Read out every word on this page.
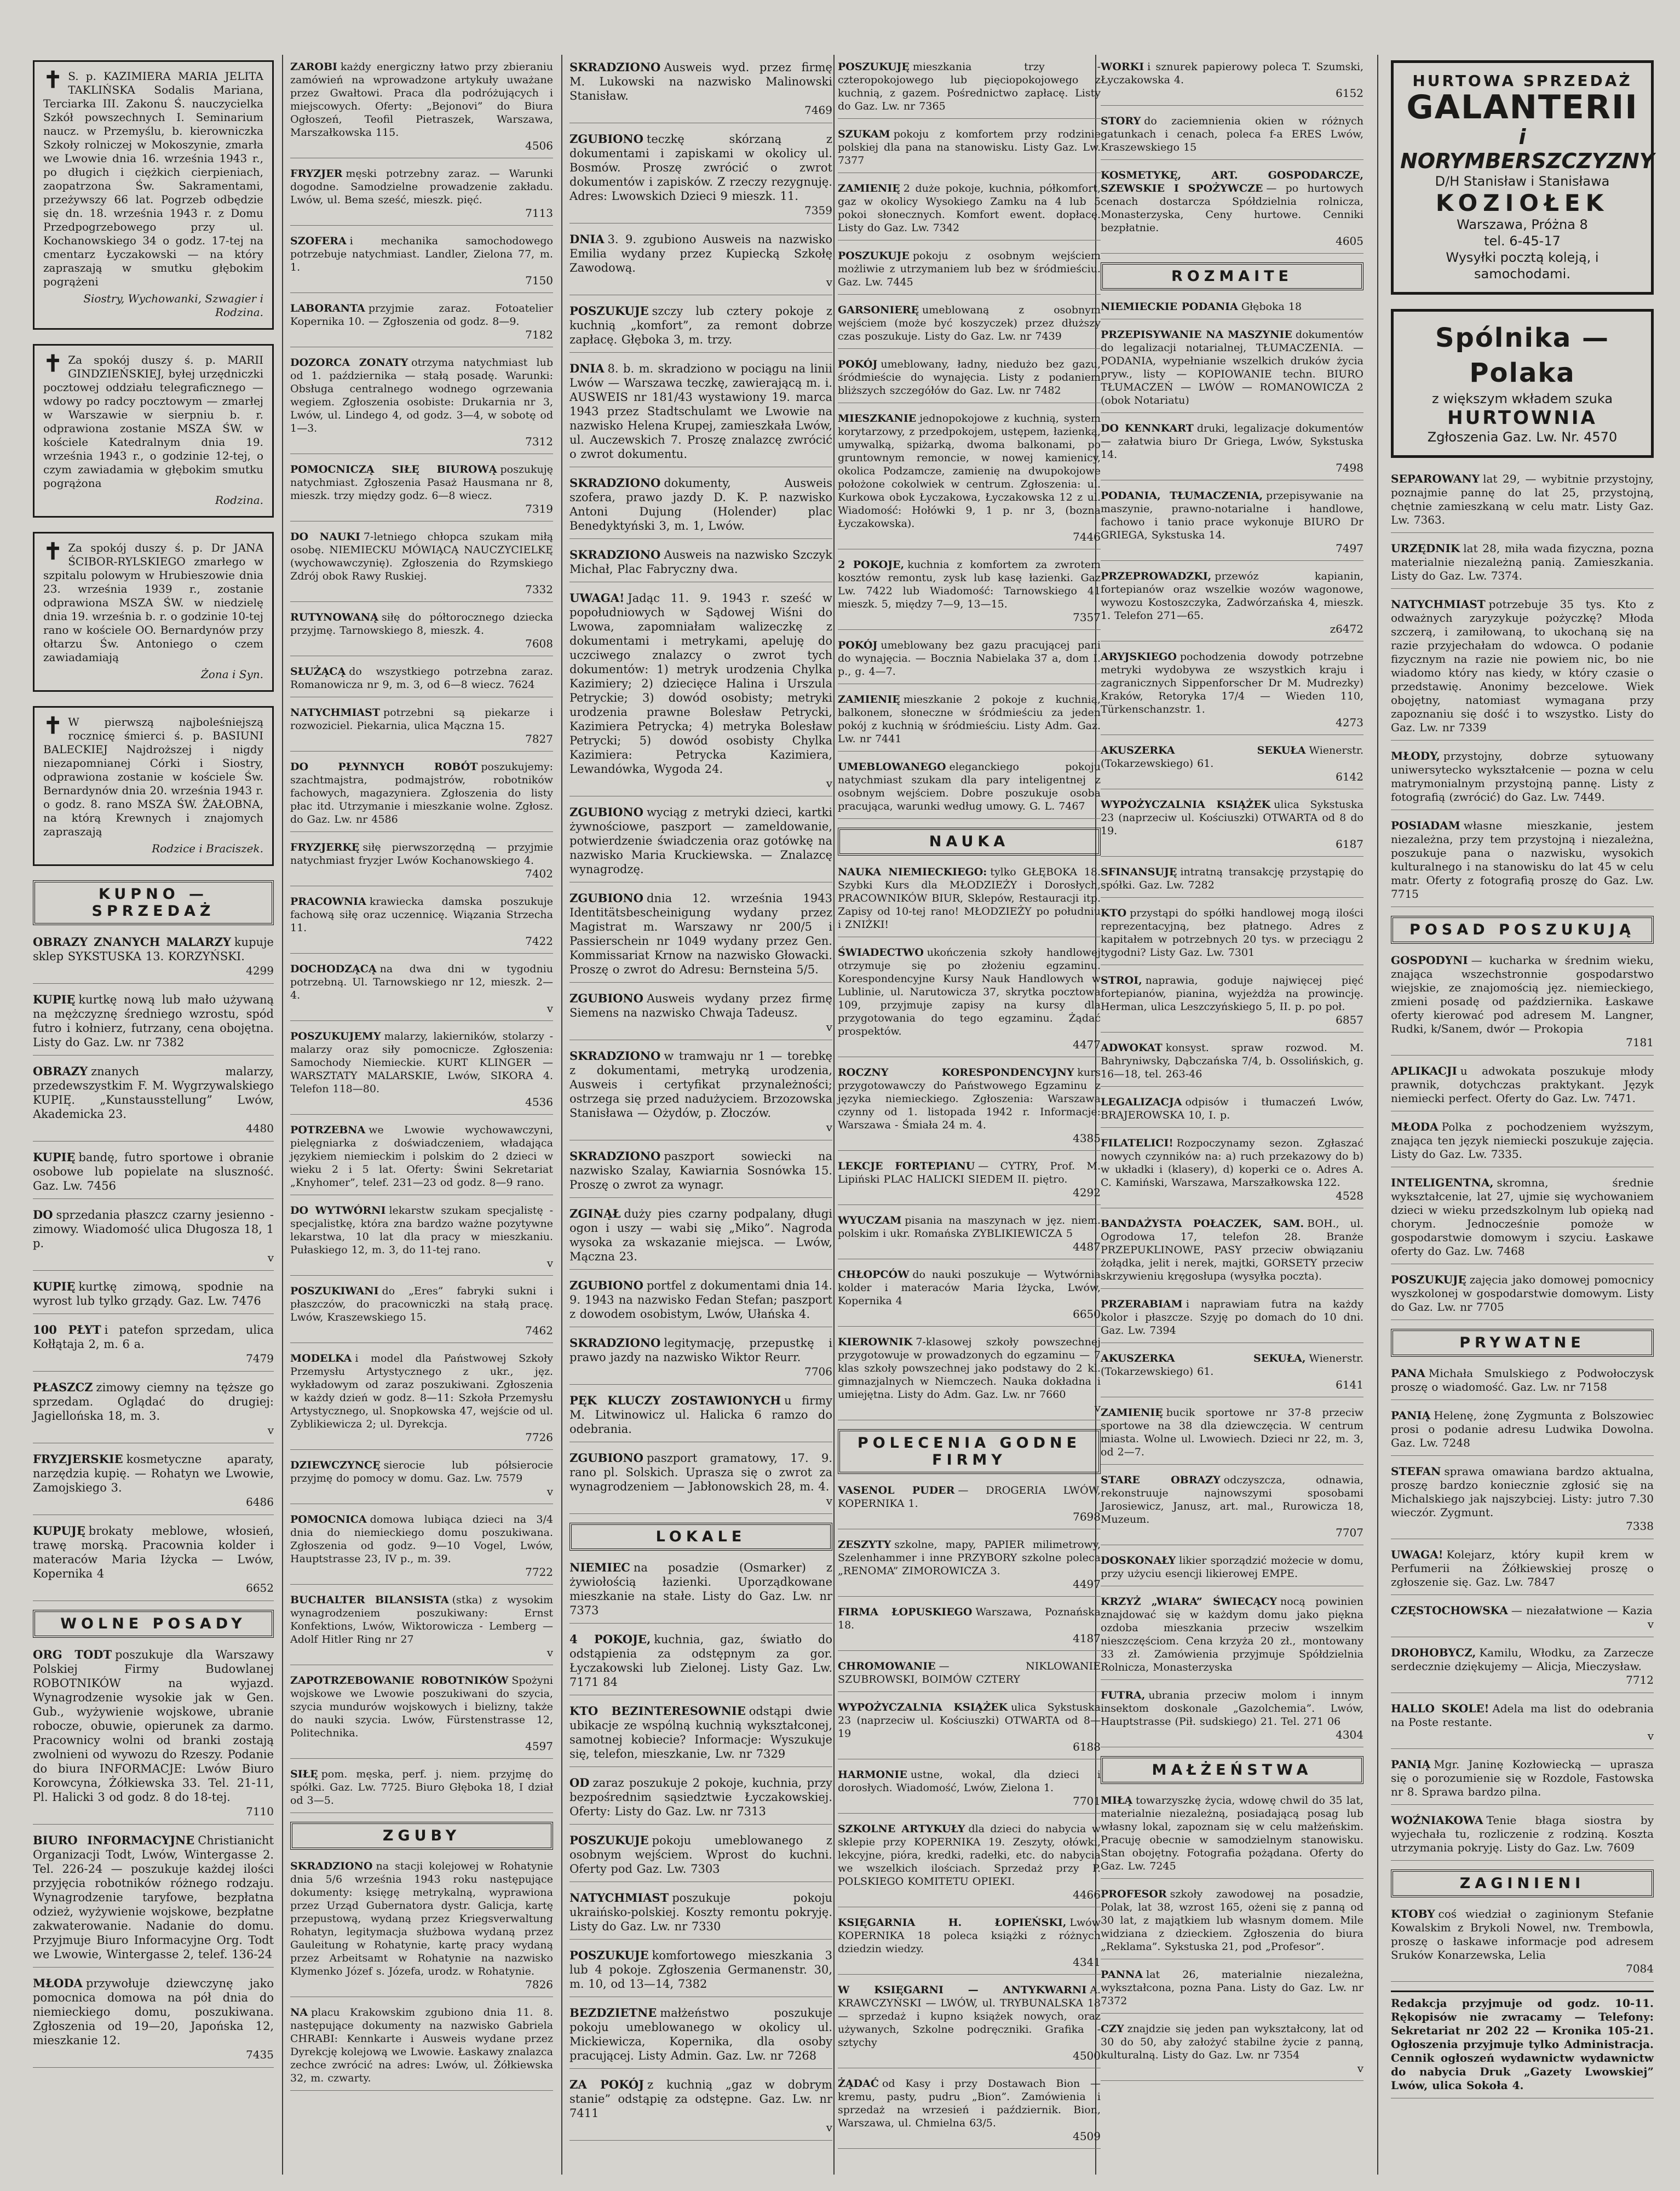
✝ S. p. KAZIMIERA MARIA JELITA TAKLIŃSKA Sodalis Mariana, Terciarka III. Zakonu Ś. nauczycielka Szkół powszechnych I. Seminarium naucz. w Przemyślu, b. kierowniczka Szkoły rolniczej w Mokoszynie, zmarła we Lwowie dnia 16. września 1943 r., po długich i ciężkich cierpieniach, zaopatrzona Św. Sakramentami, przeżywszy 66 lat. Pogrzeb odbędzie się dn. 18. września 1943 r. z Domu Przedpogrzebowego przy ul. Kochanowskiego 34 o godz. 17-tej na cmentarz Łyczakowski — na który zapraszają w smutku głębokim pogrążeni
Siostry, Wychowanki, Szwagier i Rodzina.
✝ Za spokój duszy ś. p. MARII GINDZIEŃSKIEJ, byłej urzędniczki pocztowej oddziału telegraficznego — wdowy po radcy pocztowym — zmarłej w Warszawie w sierpniu b. r. odprawiona zostanie MSZA ŚW. w kościele Katedralnym dnia 19. września 1943 r., o godzinie 12-tej, o czym zawiadamia w głębokim smutku pogrążona
Rodzina.
✝ Za spokój duszy ś. p. Dr JANA ŚCIBOR-RYLSKIEGO zmarłego w szpitalu polowym w Hrubieszowie dnia 23. września 1939 r., zostanie odprawiona MSZA ŚW. w niedzielę dnia 19. września b. r. o godzinie 10-tej rano w kościele OO. Bernardynów przy ołtarzu Św. Antoniego o czem zawiadamiają
Żona i Syn.
✝ W pierwszą najboleśniejszą rocznicę śmierci ś. p. BASIUNI BALECKIEJ Najdroższej i nigdy niezapomnianej Córki i Siostry, odprawiona zostanie w kościele Św. Bernardynów dnia 20. września 1943 r. o godz. 8. rano MSZA ŚW. ŻAŁOBNA, na którą Krewnych i znajomych zapraszają
Rodzice i Braciszek.
KUPNO — SPRZEDAŻ
OBRAZY ZNANYCH MALARZY kupuje sklep SYKSTUSKA 13. KORZYŃSKI.
4299
KUPIĘ kurtkę nową lub mało używaną na mężczyznę średniego wzrostu, spód futro i kołnierz, futrzany, cena obojętna. Listy do Gaz. Lw. nr 7382
OBRAZY znanych malarzy, przedewszystkim F. M. Wygrzywalskiego KUPIĘ. „Kunstausstellung” Lwów, Akademicka 23.
4480
KUPIĘ bandę, futro sportowe i obranie osobowe lub popielate na sluszność. Gaz. Lw. 7456
DO sprzedania płaszcz czarny jesienno - zimowy. Wiadomość ulica Długosza 18, 1 p.
v
KUPIĘ kurtkę zimową, spodnie na wyrost lub tylko grządy. Gaz. Lw. 7476
100 PŁYT i patefon sprzedam, ulica Kołłątaja 2, m. 6 a.
7479
PŁASZCZ zimowy ciemny na tęższe go sprzedam. Oglądać do drugiej: Jagiellońska 18, m. 3.
v
FRYZJERSKIE kosmetyczne aparaty, narzędzia kupię. — Rohatyn we Lwowie, Zamojskiego 3.
6486
KUPUJĘ brokaty meblowe, włosień, trawę morską. Pracownia kolder i materaców Maria Iżycka — Lwów, Kopernika 4
6652
WOLNE POSADY
ORG TODT poszukuje dla Warszawy Polskiej Firmy Budowlanej ROBOTNIKÓW na wyjazd. Wynagrodzenie wysokie jak w Gen. Gub., wyżywienie wojskowe, ubranie robocze, obuwie, opierunek za darmo. Pracownicy wolni od branki zostają zwolnieni od wywozu do Rzeszy. Podanie do biura INFORMACJE: Lwów Biuro Korowcyna, Żółkiewska 33. Tel. 21-11, Pl. Halicki 3 od godz. 8 do 18-tej.
7110
BIURO INFORMACYJNE Christianicht Organizacji Todt, Lwów, Wintergasse 2. Tel. 226-24 — poszukuje każdej ilości przyjęcia robotników różnego rodzaju. Wynagrodzenie taryfowe, bezpłatna odzież, wyżywienie wojskowe, bezpłatne zakwaterowanie. Nadanie do domu. Przyjmuje Biuro Informacyjne Org. Todt we Lwowie, Wintergasse 2, telef. 136-24
MŁODA przywołuje dziewczynę jako pomocnica domowa na pół dnia do niemieckiego domu, poszukiwana. Zgłoszenia od 19—20, Japońska 12, mieszkanie 12.
7435
ZAROBI każdy energiczny łatwo przy zbieraniu zamówień na wprowadzone artykuły uważane przez Gwałtowi. Praca dla podróżujących i miejscowych. Oferty: „Bejonovi” do Biura Ogłoszeń, Teofil Pietraszek, Warszawa, Marszałkowska 115.
4506
FRYZJER męski potrzebny zaraz. — Warunki dogodne. Samodzielne prowadzenie zakładu. Lwów, ul. Bema sześć, mieszk. pięć.
7113
SZOFERA i mechanika samochodowego potrzebuje natychmiast. Landler, Zielona 77, m. 1.
7150
LABORANTA przyjmie zaraz. Fotoatelier Kopernika 10. — Zgłoszenia od godz. 8—9.
7182
DOZORCA ZONATY otrzyma natychmiast lub od 1. października — stałą posadę. Warunki: Obsługa centralnego wodnego ogrzewania wegiem. Zgłoszenia osobiste: Drukarnia nr 3, Lwów, ul. Lindego 4, od godz. 3—4, w sobotę od 1—3.
7312
POMOCNICZĄ SIŁĘ BIUROWĄ poszukuję natychmiast. Zgłoszenia Pasaż Hausmana nr 8, mieszk. trzy między godz. 6—8 wiecz.
7319
DO NAUKI 7-letniego chłopca szukam miłą osobę. NIEMIECKU MÓWIĄCĄ NAUCZYCIELKĘ (wychowawczynię). Zgłoszenia do Rzymskiego Zdrój obok Rawy Ruskiej.
7332
RUTYNOWANĄ siłę do półtorocznego dziecka przyjmę. Tarnowskiego 8, mieszk. 4.
7608
SŁUŻĄCĄ do wszystkiego potrzebna zaraz. Romanowicza nr 9, m. 3, od 6—8 wiecz. 7624
NATYCHMIAST potrzebni są piekarze i rozwoziciel. Piekarnia, ulica Mączna 15.
7827
DO PŁYNNYCH ROBÓT poszukujemy: szachtmajstra, podmajstrów, robotników fachowych, magazyniera. Zgłoszenia do listy płac itd. Utrzymanie i mieszkanie wolne. Zgłosz. do Gaz. Lw. nr 4586
FRYZJERKĘ siłę pierwszorzędną — przyjmie natychmiast fryzjer Lwów Kochanowskiego 4.
7402
PRACOWNIA krawiecka damska poszukuje fachową siłę oraz uczennicę. Wiązania Strzecha 11.
7422
DOCHODZĄCĄ na dwa dni w tygodniu potrzebną. Ul. Tarnowskiego nr 12, mieszk. 2—4.
v
POSZUKUJEMY malarzy, lakierników, stolarzy - malarzy oraz siły pomocnicze. Zgłoszenia: Samochody Niemieckie. KURT KLINGER — WARSZTATY MALARSKIE, Lwów, SIKORA 4. Telefon 118—80.
4536
POTRZEBNA we Lwowie wychowawczyni, pielęgniarka z doświadczeniem, władająca językiem niemieckim i polskim do 2 dzieci w wieku 2 i 5 lat. Oferty: Świni Sekretariat „Knyhomer”, telef. 231—23 od godz. 8—9 rano.
DO WYTWÓRNI lekarstw szukam specjalistę - specjalistkę, która zna bardzo ważne pozytywne lekarstwa, 10 lat dla pracy w mieszkaniu. Pułaskiego 12, m. 3, do 11-tej rano.
v
POSZUKIWANI do „Eres” fabryki sukni i płaszczów, do pracowniczki na stałą pracę. Lwów, Kraszewskiego 15.
7462
MODELKA i model dla Państwowej Szkoły Przemysłu Artystycznego z ukr., jęz. wykładowym od zaraz poszukiwani. Zgłoszenia w każdy dzień w godz. 8—11: Szkoła Przemysłu Artystycznego, ul. Snopkowska 47, wejście od ul. Zyblikiewicza 2; ul. Dyrekcja.
7726
DZIEWCZYNCĘ sierocie lub półsierocie przyjmę do pomocy w domu. Gaz. Lw. 7579
v
POMOCNICA domowa lubiąca dzieci na 3/4 dnia do niemieckiego domu poszukiwana. Zgłoszenia od godz. 9—10 Vogel, Lwów, Hauptstrasse 23, IV p., m. 39.
7722
BUCHALTER BILANSISTA (stka) z wysokim wynagrodzeniem poszukiwany: Ernst Konfektions, Lwów, Wiktorowicza - Lemberg — Adolf Hitler Ring nr 27
v
ZAPOTRZEBOWANIE ROBOTNIKÓW Spożyni wojskowe we Lwowie poszukiwani do szycia, szycia mundurów wojskowych i bielizny, także do nauki szycia. Lwów, Fürstenstrasse 12, Politechnika.
4597
SIŁĘ pom. męska, perf. j. niem. przyjmę do spółki. Gaz. Lw. 7725. Biuro Głęboka 18, I dział od 3—5.
ZGUBY
SKRADZIONO na stacji kolejowej w Rohatynie dnia 5/6 września 1943 roku następujące dokumenty: księgę metrykalną, wyprawiona przez Urząd Gubernatora dystr. Galicja, kartę przepustową, wydaną przez Kriegsverwaltung Rohatyn, legitymacja służbowa wydaną przez Gauleitung w Rohatynie, kartę pracy wydaną przez Arbeitsamt w Rohatynie na nazwisko Klymenko Józef s. Józefa, urodz. w Rohatynie.
7826
NA placu Krakowskim zgubiono dnia 11. 8. następujące dokumenty na nazwisko Gabriela CHRABI: Kennkarte i Ausweis wydane przez Dyrekcję kolejową we Lwowie. Łaskawy znalazca zechce zwrócić na adres: Lwów, ul. Żółkiewska 32, m. czwarty.
SKRADZIONO Ausweis wyd. przez firmę M. Lukowski na nazwisko Malinowski Stanisław.
7469
ZGUBIONO teczkę skórzaną z dokumentami i zapiskami w okolicy ul. Bosmów. Proszę zwrócić o zwrot dokumentów i zapisków. Z rzeczy rezygnuję. Adres: Lwowskich Dzieci 9 mieszk. 11.
7359
DNIA 3. 9. zgubiono Ausweis na nazwisko Emilia wydany przez Kupiecką Szkołę Zawodową.
v
POSZUKUJE szczy lub cztery pokoje z kuchnią „komfort”, za remont dobrze zapłacę. Głęboka 3, m. trzy.
DNIA 8. b. m. skradziono w pociągu na linii Lwów — Warszawa teczkę, zawierającą m. i. AUSWEIS nr 181/43 wystawiony 19. marca 1943 przez Stadtschulamt we Lwowie na nazwisko Helena Krupej, zamieszkała Lwów, ul. Auczewskich 7. Proszę znalazcę zwrócić o zwrot dokumentu.
SKRADZIONO dokumenty, Ausweis szofera, prawo jazdy D. K. P. nazwisko Antoni Dujung (Holender) plac Benedyktyński 3, m. 1, Lwów.
SKRADZIONO Ausweis na nazwisko Szczyk Michał, Plac Fabryczny dwa.
UWAGA! Jadąc 11. 9. 1943 r. sześć w popołudniowych w Sądowej Wiśni do Lwowa, zapomniałam walizeczkę z dokumentami i metrykami, apeluję do uczciwego znalazcy o zwrot tych dokumentów: 1) metryk urodzenia Chylka Kazimiery; 2) dziecięce Halina i Urszula Petryckie; 3) dowód osobisty; metryki urodzenia prawne Bolesław Petrycki, Kazimiera Petrycka; 4) metryka Bolesław Petrycki; 5) dowód osobisty Chylka Kazimiera: Petrycka Kazimiera, Lewandówka, Wygoda 24.
v
ZGUBIONO wyciąg z metryki dzieci, kartki żywnościowe, paszport — zameldowanie, potwierdzenie świadczenia oraz gotówkę na nazwisko Maria Kruckiewska. — Znalazcę wynagrodzę.
ZGUBIONO dnia 12. września 1943 Identitätsbescheinigung wydany przez Magistrat m. Warszawy nr 200/5 i Passierschein nr 1049 wydany przez Gen. Kommissariat Krnow na nazwisko Głowacki. Proszę o zwrot do Adresu: Bernsteina 5/5.
ZGUBIONO Ausweis wydany przez firmę Siemens na nazwisko Chwaja Tadeusz.
v
SKRADZIONO w tramwaju nr 1 — torebkę z dokumentami, metryką urodzenia, Ausweis i certyfikat przynależności; ostrzega się przed nadużyciem. Brzozowska Stanisława — Ożydów, p. Złoczów.
v
SKRADZIONO paszport sowiecki na nazwisko Szalay, Kawiarnia Sosnówka 15. Proszę o zwrot za wynagr.
ZGINĄŁ duży pies czarny podpalany, długi ogon i uszy — wabi się „Miko”. Nagroda wysoka za wskazanie miejsca. — Lwów, Mączna 23.
ZGUBIONO portfel z dokumentami dnia 14. 9. 1943 na nazwisko Fedan Stefan; paszport z dowodem osobistym, Lwów, Ułańska 4.
SKRADZIONO legitymację, przepustkę i prawo jazdy na nazwisko Wiktor Reurr.
7706
PĘK KLUCZY ZOSTAWIONYCH u firmy M. Litwinowicz ul. Halicka 6 ramzo do odebrania.
ZGUBIONO paszport gramatowy, 17. 9. rano pl. Solskich. Uprasza się o zwrot za wynagrodzeniem — Jabłonowskich 28, m. 4.
v
LOKALE
NIEMIEC na posadzie (Osmarker) z żywiołością łazienki. Uporządkowane mieszkanie na stałe. Listy do Gaz. Lw. nr 7373
4 POKOJE, kuchnia, gaz, światło do odstąpienia za odstępnym za gor. Łyczakowski lub Zielonej. Listy Gaz. Lw. 7171 84
KTO BEZINTERESOWNIE odstąpi dwie ubikacje ze wspólną kuchnią wykształconej, samotnej kobiecie? Informacje: Wyszukuje się, telefon, mieszkanie, Lw. nr 7329
OD zaraz poszukuje 2 pokoje, kuchnia, przy bezpośrednim sąsiedztwie Łyczakowskiej. Oferty: Listy do Gaz. Lw. nr 7313
POSZUKUJE pokoju umeblowanego z osobnym wejściem. Wprost do kuchni. Oferty pod Gaz. Lw. 7303
NATYCHMIAST poszukuje pokoju ukraińsko-polskiej. Koszty remontu pokryję. Listy do Gaz. Lw. nr 7330
POSZUKUJE komfortowego mieszkania 3 lub 4 pokoje. Zgłoszenia Germanenstr. 30, m. 10, od 13—14, 7382
BEZDZIETNE małżeństwo poszukuje pokoju umeblowanego w okolicy ul. Mickiewicza, Kopernika, dla osoby pracującej. Listy Admin. Gaz. Lw. nr 7268
ZA POKÓJ z kuchnią „gaz w dobrym stanie” odstąpię za odstępne. Gaz. Lw. nr 7411
v
POSZUKUJĘ mieszkania trzy - czteropokojowego lub pięciopokojowego z kuchnią, z gazem. Pośrednictwo zapłacę. Listy do Gaz. Lw. nr 7365
SZUKAM pokoju z komfortem przy rodzinie polskiej dla pana na stanowisku. Listy Gaz. Lw. 7377
ZAMIENIĘ 2 duże pokoje, kuchnia, półkomfort, gaz w okolicy Wysokiego Zamku na 4 lub 5 pokoi słonecznych. Komfort ewent. dopłacę. Listy do Gaz. Lw. 7342
POSZUKUJE pokoju z osobnym wejściem możliwie z utrzymaniem lub bez w śródmieściu. Gaz. Lw. 7445
GARSONIERĘ umeblowaną z osobnym wejściem (może być koszyczek) przez dłuższy czas poszukuje. Listy do Gaz. Lw. nr 7439
POKÓJ umeblowany, ładny, niedużo bez gazu, śródmieście do wynajęcia. Listy z podaniem bliższych szczegółów do Gaz. Lw. nr 7482
MIESZKANIE jednopokojowe z kuchnią, system korytarzowy, z przedpokojem, ustępem, łazienką, umywalką, spiżarką, dwoma balkonami, po gruntownym remoncie, w nowej kamienicy, okolica Podzamcze, zamienię na dwupokojowe położone cokolwiek w centrum. Zgłoszenia: ul. Kurkowa obok Łyczakowa, Łyczakowska 12 z ul. Wiadomość: Hołówki 9, 1 p. nr 3, (bozna Łyczakowska).
7446
2 POKOJE, kuchnia z komfortem za zwrotem kosztów remontu, zysk lub kasę łazienki. Gaz Lw. 7422 lub Wiadomość: Tarnowskiego 41 mieszk. 5, między 7—9, 13—15.
7357
POKÓJ umeblowany bez gazu pracującej pani do wynajęcia. — Bocznia Nabielaka 37 a, dom I. p., g. 4—7.
ZAMIENIĘ mieszkanie 2 pokoje z kuchnią, balkonem, słoneczne w śródmieściu za jeden pokój z kuchnią w śródmieściu. Listy Adm. Gaz. Lw. nr 7441
UMEBLOWANEGO eleganckiego pokoju natychmiast szukam dla pary inteligentnej z osobnym wejściem. Dobre poszukuje osoba pracująca, warunki według umowy. G. L. 7467
NAUKA
NAUKA NIEMIECKIEGO: tylko GŁĘBOKA 18. Szybki Kurs dla MŁODZIEŻY i Dorosłych, PRACOWNIKÓW BIUR, Sklepów, Restauracji itp. Zapisy od 10-tej rano! MŁODZIEŻY po południu i ZNIŻKI!
ŚWIADECTWO ukończenia szkoły handlowej otrzymuje się po złożeniu egzaminu. Korespondencyjne Kursy Nauk Handlowych w Lublinie, ul. Narutowicza 37, skrytka pocztowa 109, przyjmuje zapisy na kursy dla przygotowania do tego egzaminu. Żądać prospektów.
4477
ROCZNY KORESPONDENCYJNY kurs przygotowawczy do Państwowego Egzaminu z języka niemieckiego. Zgłoszenia: Warszawa czynny od 1. listopada 1942 r. Informacje: Warszawa - Śmiała 24 m. 4.
4385
LEKCJE FORTEPIANU — CYTRY, Prof. M. Lipiński PLAC HALICKI SIEDEM II. piętro.
4292
WYUCZAM pisania na maszynach w jęz. niem. polskim i ukr. Romańska ZYBLIKIEWICZA 5
4487
CHŁOPCÓW do nauki poszukuje — Wytwórnia kolder i materaców Maria Iżycka, Lwów, Kopernika 4
6650
KIEROWNIK 7-klasowej szkoły powszechnej przygotowuje w prowadzonych do egzaminu — 7 klas szkoły powszechnej jako podstawy do 2 kl. gimnazjalnych w Niemczech. Nauka dokładna i umiejętna. Listy do Adm. Gaz. Lw. nr 7660
v
POLECENIA GODNE FIRMY
VASENOL PUDER — DROGERIA LWÓW, KOPERNIKA 1.
7698
ZESZYTY szkolne, mapy, PAPIER milimetrowy, Szelenhammer i inne PRZYBORY szkolne poleca „RENOMA” ZIMOROWICZA 3.
4497
FIRMA ŁOPUSKIEGO Warszawa, Poznańska 18.
4187
CHROMOWANIE — NIKLOWANIE SZUBROWSKI, BOIMÓW CZTERY
WYPOŻYCZALNIA KSIĄŻEK ulica Sykstuska 23 (naprzeciw ul. Kościuszki) OTWARTA od 8—19
6188
HARMONIE ustne, wokal, dla dzieci i dorosłych. Wiadomość, Lwów, Zielona 1.
7701
SZKOLNE ARTYKUŁY dla dzieci do nabycia w sklepie przy KOPERNIKA 19. Zeszyty, ołówki, lekcyjne, pióra, kredki, radełki, etc. do nabycia we wszelkich ilościach. Sprzedaż przy P. POLSKIEGO KOMITETU OPIEKI.
4466
KSIĘGARNIA H. ŁOPIEŃSKI, Lwów KOPERNIKA 18 poleca książki z różnych dziedzin wiedzy.
4341
W KSIĘGARNI — ANTYKWARNI A. KRAWCZYŃSKI — LWÓW, ul. TRYBUNALSKA 18 — sprzedaż i kupno książek nowych, oraz używanych, Szkolne podręczniki. Grafika - sztychy
4500
ŻĄDAĆ od Kasy i przy Dostawach Bion — kremu, pasty, pudru „Bion”. Zamówienia i sprzedaż na wrzesień i październik. Bion, Warszawa, ul. Chmielna 63/5.
4509
WORKI i sznurek papierowy poleca T. Szumski, Łyczakowska 4.
6152
STORY do zaciemnienia okien w różnych gatunkach i cenach, poleca f-a ERES Lwów, Kraszewskiego 15
KOSMETYKĘ, ART. GOSPODARCZE, SZEWSKIE I SPOŻYWCZE — po hurtowych cenach dostarcza Spółdzielnia rolnicza, Monasterzyska, Ceny hurtowe. Cenniki bezpłatnie.
4605
ROZMAITE
NIEMIECKIE PODANIA Głęboka 18
PRZEPISYWANIE NA MASZYNIE dokumentów do legalizacji notarialnej, TŁUMACZENIA. — PODANIA, wypełnianie wszelkich druków życia pryw., listy — KOPIOWANIE techn. BIURO TŁUMACZEŃ — LWÓW — ROMANOWICZA 2 (obok Notariatu)
DO KENNKART druki, legalizacje dokumentów — załatwia biuro Dr Griega, Lwów, Sykstuska 14.
7498
PODANIA, TŁUMACZENIA, przepisywanie na maszynie, prawno-notarialne i handlowe, fachowo i tanio prace wykonuje BIURO Dr GRIEGA, Sykstuska 14.
7497
PRZEPROWADZKI, przewóz kapianin, fortepianów oraz wszelkie wozów wagonowe, wywozu Kostoszczyka, Zadwórzańska 4, mieszk. 1. Telefon 271—65.
z6472
ARYJSKIEGO pochodzenia dowody potrzebne metryki wydobywa ze wszystkich kraju i zagranicznych Sippenforscher Dr M. Mudrezky) Kraków, Retoryka 17/4 — Wieden 110, Türkenschanzstr. 1.
4273
AKUSZERKA SEKUŁA Wienerstr. (Tokarzewskiego) 61.
6142
WYPOŻYCZALNIA KSIĄŻEK ulica Sykstuska 23 (naprzeciw ul. Kościuszki) OTWARTA od 8 do 19.
6187
SFINANSUJĘ intratną transakcję przystąpię do spółki. Gaz. Lw. 7282
KTO przystąpi do spółki handlowej mogą ilości reprezentacyjną, bez płatnego. Adres z kapitałem w potrzebnych 20 tys. w przeciągu 2 tygodni? Listy Gaz. Lw. 7301
STROI, naprawia, goduje najwięcej pięć fortepianów, pianina, wyjeżdża na prowincję. Herman, ulica Leszczyńskiego 5, II. p. po poł.
6857
ADWOKAT konsyst. spraw rozwod. M. Bahryniwsky, Dąbczańska 7/4, b. Ossolińskich, g. 16—18, tel. 263-46
LEGALIZACJA odpisów i tłumaczeń Lwów, BRAJEROWSKA 10, I. p.
FILATELICI! Rozpoczynamy sezon. Zgłaszać nowych czynników na: a) ruch przekazowy do b) w układki i (klasery), d) koperki ce o. Adres A. C. Kamiński, Warszawa, Marszałkowska 122.
4528
BANDAŻYSTA POŁACZEK, SAM. BOH., ul. Ogrodowa 17, telefon 28. Branże PRZEPUKLINOWE, PASY przeciw obwiązaniu żołądka, jelit i nerek, majtki, GORSETY przeciw skrzywieniu kręgosłupa (wysyłka poczta).
PRZERABIAM i naprawiam futra na każdy kolor i płaszcze. Szyję po domach do 10 dni. Gaz. Lw. 7394
AKUSZERKA SEKUŁA, Wienerstr. (Tokarzewskiego) 61.
6141
ZAMIENIĘ bucik sportowe nr 37-8 przeciw sportowe na 38 dla dziewczęcia. W centrum miasta. Wolne ul. Lwowiech. Dzieci nr 22, m. 3, od 2—7.
STARE OBRAZY odczyszcza, odnawia, rekonstruuje najnowszymi sposobami Jarosiewicz, Janusz, art. mal., Rurowicza 18, Muzeum.
7707
DOSKONAŁY likier sporządzić możecie w domu, przy użyciu esencji likierowej EMPE.
KRZYŻ „WIARA” ŚWIECĄCY nocą powinien znajdować się w każdym domu jako piękna ozdoba mieszkania przeciw wszelkim nieszczęściom. Cena krzyża 20 zł., montowany 33 zł. Zamówienia przyjmuje Spółdzielnia Rolnicza, Monasterzyska
FUTRA, ubrania przeciw molom i innym insektom doskonale „Gazolchemia”. Lwów, Hauptstrasse (Pił. sudskiego) 21. Tel. 271 06
4304
MAŁŻEŃSTWA
MIŁĄ towarzyszkę życia, wdowę chwil do 35 lat, materialnie niezależną, posiadającą posag lub własny lokal, zapoznam się w celu małżeńskim. Pracuję obecnie w samodzielnym stanowisku. Stan obojętny. Fotografia pożądana. Oferty do Gaz. Lw. 7245
PROFESOR szkoły zawodowej na posadzie, Polak, lat 38, wzrost 165, ożeni się z panną od 30 lat, z majątkiem lub własnym domem. Mile widziana z dzieckiem. Zgłoszenia do biura „Reklama”. Sykstuska 21, pod „Profesor”.
PANNA lat 26, materialnie niezależna, wykształcona, pozna Pana. Listy do Gaz. Lw. nr 7372
CZY znajdzie się jeden pan wykształcony, lat od 30 do 50, aby założyć stabilne życie z panną, kulturalną. Listy do Gaz. Lw. nr 7354
v
HURTOWA SPRZEDAŻ
GALANTERII
i NORYMBERSZCZYZNY
D/H Stanisław i Stanisława
KOZIOŁEK
Warszawa, Próżna 8
tel. 6-45-17
Wysyłki pocztą koleją, i samochodami.
Spólnika — Polaka
z większym wkładem szuka
HURTOWNIA
Zgłoszenia Gaz. Lw. Nr. 4570
SEPAROWANY lat 29, — wybitnie przystojny, poznajmie pannę do lat 25, przystojną, chętnie zamieszkaną w celu matr. Listy Gaz. Lw. 7363.
URZĘDNIK lat 28, miła wada fizyczna, pozna materialnie niezależną panią. Zamieszkania. Listy do Gaz. Lw. 7374.
NATYCHMIAST potrzebuje 35 tys. Kto z odważnych zaryzykuje pożyczkę? Młoda szczerą, i zamiłowaną, to ukochaną się na razie przyjechałam do wdowca. O podanie fizycznym na razie nie powiem nic, bo nie wiadomo który nas kiedy, w który czasie o przedstawię. Anonimy bezcelowe. Wiek obojętny, natomiast wymagana przy zapoznaniu się dość i to wszystko. Listy do Gaz. Lw. nr 7339
MŁODY, przystojny, dobrze sytuowany uniwersytecko wykształcenie — pozna w celu matrymonialnym przystojną pannę. Listy z fotografią (zwrócić) do Gaz. Lw. 7449.
POSIADAM własne mieszkanie, jestem niezależna, przy tem przystojną i niezależna, poszukuje pana o nazwisku, wysokich kulturalnego i na stanowisku do lat 45 w celu matr. Oferty z fotografią proszę do Gaz. Lw. 7715
POSAD POSZUKUJĄ
GOSPODYNI — kucharka w średnim wieku, znająca wszechstronnie gospodarstwo wiejskie, ze znajomością jęz. niemieckiego, zmieni posadę od października. Łaskawe oferty kierować pod adresem M. Langner, Rudki, k/Sanem, dwór — Prokopia
7181
APLIKACJI u adwokata poszukuje młody prawnik, dotychczas praktykant. Język niemiecki perfect. Oferty do Gaz. Lw. 7471.
MŁODA Polka z pochodzeniem wyższym, znająca ten język niemiecki poszukuje zajęcia. Listy do Gaz. Lw. 7335.
INTELIGENTNA, skromna, średnie wykształcenie, lat 27, ujmie się wychowaniem dzieci w wieku przedszkolnym lub opieką nad chorym. Jednocześnie pomoże w gospodarstwie domowym i szyciu. Łaskawe oferty do Gaz. Lw. 7468
POSZUKUJĘ zajęcia jako domowej pomocnicy wyszkolonej w gospodarstwie domowym. Listy do Gaz. Lw. nr 7705
PRYWATNE
PANA Michała Smulskiego z Podwołoczysk proszę o wiadomość. Gaz. Lw. nr 7158
PANIĄ Helenę, żonę Zygmunta z Bolszowiec prosi o podanie adresu Ludwika Dowolna. Gaz. Lw. 7248
STEFAN sprawa omawiana bardzo aktualna, proszę bardzo koniecznie zgłosić się na Michalskiego jak najszybciej. Listy: jutro 7.30 wieczór. Zygmunt.
7338
UWAGA! Kolejarz, który kupił krem w Perfumerii na Żółkiewskiej proszę o zgłoszenie się. Gaz. Lw. 7847
CZĘSTOCHOWSKA — niezałatwione — Kazia
v
DROHOBYCZ, Kamilu, Włodku, za Zarzecze serdecznie dziękujemy — Alicja, Mieczysław.
7712
HALLO SKOLE! Adela ma list do odebrania na Poste restante.
v
PANIĄ Mgr. Janinę Kozłowiecką — uprasza się o porozumienie się w Rozdole, Fastowska nr 8. Sprawa bardzo pilna.
WOŹNIAKOWA Tenie błaga siostra by wyjechała tu, rozliczenie z rodziną. Koszta utrzymania pokryję. Listy do Gaz. Lw. 7609
ZAGINIENI
KTOBY coś wiedział o zaginionym Stefanie Kowalskim z Brykoli Nowel, nw. Trembowla, proszę o łaskawe informacje pod adresem Sruków Konarzewska, Lelia
7084
Redakcja przyjmuje od godz. 10-11. Rękopisów nie zwracamy — Telefony: Sekretariat nr 202 22 — Kronika 105-21. Ogłoszenia przyjmuje tylko Administracja. Cennik ogłoszeń wydawnictw wydawnictw do nabycia Druk „Gazety Lwowskiej” Lwów, ulica Sokoła 4.
